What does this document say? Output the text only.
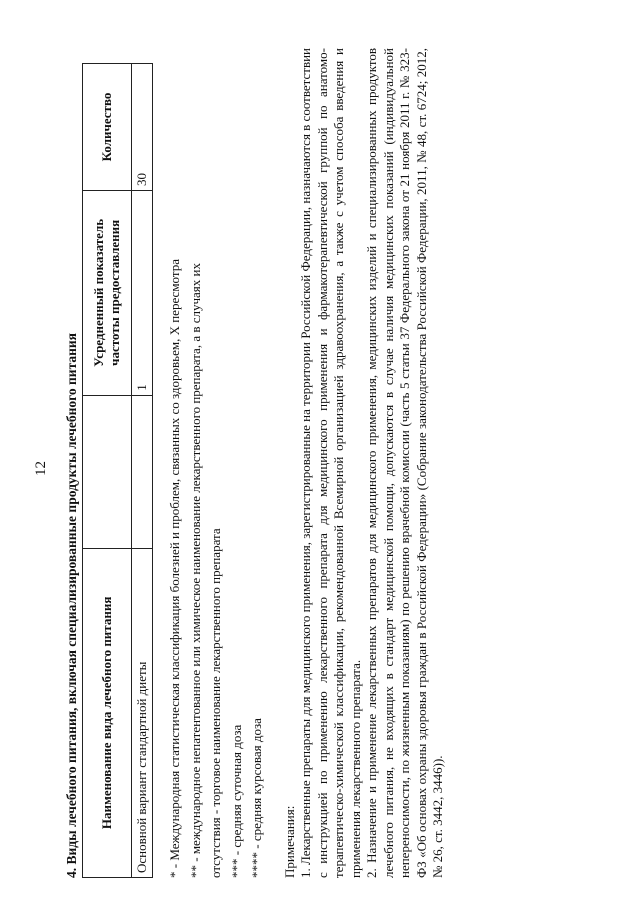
12 4. Виды лечебного питания, включая специализированные продукты лечебного питания Наименование вида лечебного питания		Усредненный показатель частоты предоставления	Количество
Основной вариант стандартной диеты		1	30

* - Международная статистическая классификация болезней и проблем, связанных со здоровьем, X пересмотра ** - международное непатентованное или химическое наименование лекарственного препарата, а в случаях их отсутствия - торговое наименование лекарственного препарата *** - средняя суточная доза **** - средняя курсовая доза Примечания: 1. Лекарственные препараты для медицинского применения, зарегистрированные на территории Российской Федерации, назначаются в соответствии с инструкцией по применению лекарственного препарата для медицинского применения и фармакотерапевтической группой по анатомо-терапевтическо-химической классификации, рекомендованной Всемирной организацией здравоохранения, а также с учетом способа введения и применения лекарственного препарата. 2. Назначение и применение лекарственных препаратов для медицинского применения, медицинских изделий и специализированных продуктов лечебного питания, не входящих в стандарт медицинской помощи, допускаются в случае наличия медицинских показаний (индивидуальной непереносимости, по жизненным показаниям) по решению врачебной комиссии (часть 5 статьи 37 Федерального закона от 21 ноября 2011 г. № 323-ФЗ «Об основах охраны здоровья граждан в Российской Федерации» (Собрание законодательства Российской Федерации, 2011, № 48, ст. 6724; 2012, № 26, ст. 3442, 3446)).
